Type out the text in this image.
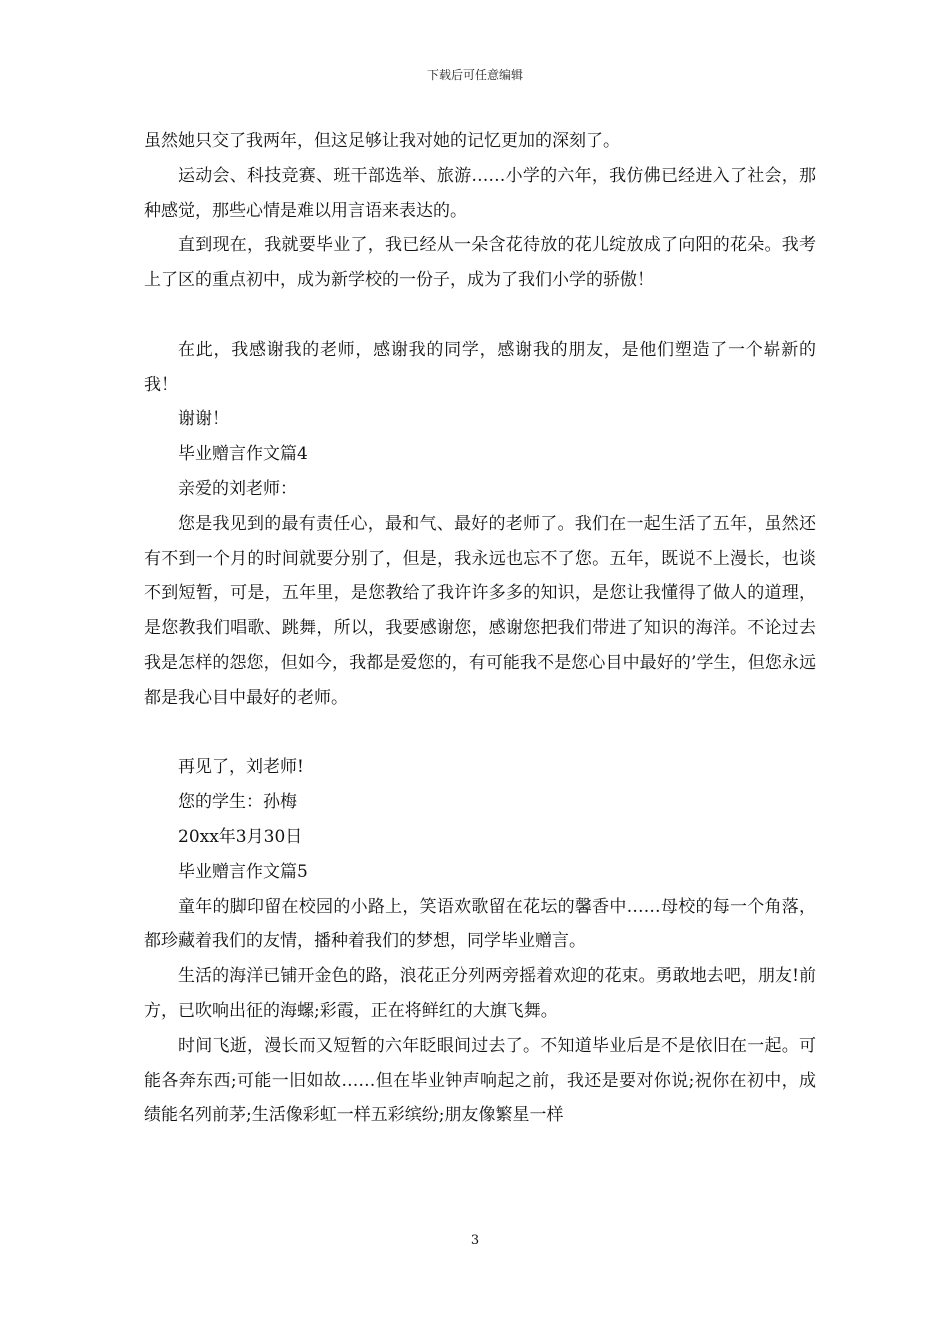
下载后可任意编辑

虽然她只交了我两年，但这足够让我对她的记忆更加的深刻了。

运动会、科技竞赛、班干部选举、旅游……小学的六年，我仿佛已经进入了社会，那种感觉，那些心情是难以用言语来表达的。

直到现在，我就要毕业了，我已经从一朵含花待放的花儿绽放成了向阳的花朵。我考上了区的重点初中，成为新学校的一份子，成为了我们小学的骄傲！

在此，我感谢我的老师，感谢我的同学，感谢我的朋友，是他们塑造了一个崭新的我！

谢谢！

毕业赠言作文篇4

亲爱的刘老师：

您是我见到的最有责任心，最和气、最好的老师了。我们在一起生活了五年，虽然还有不到一个月的时间就要分别了，但是，我永远也忘不了您。五年，既说不上漫长，也谈不到短暂，可是，五年里，是您教给了我许许多多的知识，是您让我懂得了做人的道理，是您教我们唱歌、跳舞，所以，我要感谢您，感谢您把我们带进了知识的海洋。不论过去我是怎样的怨您，但如今，我都是爱您的，有可能我不是您心目中最好的’学生，但您永远都是我心目中最好的老师。

再见了，刘老师!

您的学生：孙梅

20xx年3月30日

毕业赠言作文篇5

童年的脚印留在校园的小路上，笑语欢歌留在花坛的馨香中……母校的每一个角落，都珍藏着我们的友情，播种着我们的梦想，同学毕业赠言。

生活的海洋已铺开金色的路，浪花正分列两旁摇着欢迎的花束。勇敢地去吧，朋友!前方，已吹响出征的海螺;彩霞，正在将鲜红的大旗飞舞。

时间飞逝，漫长而又短暂的六年眨眼间过去了。不知道毕业后是不是依旧在一起。可能各奔东西;可能一旧如故……但在毕业钟声响起之前，我还是要对你说;祝你在初中，成绩能名列前茅;生活像彩虹一样五彩缤纷;朋友像繁星一样

3
